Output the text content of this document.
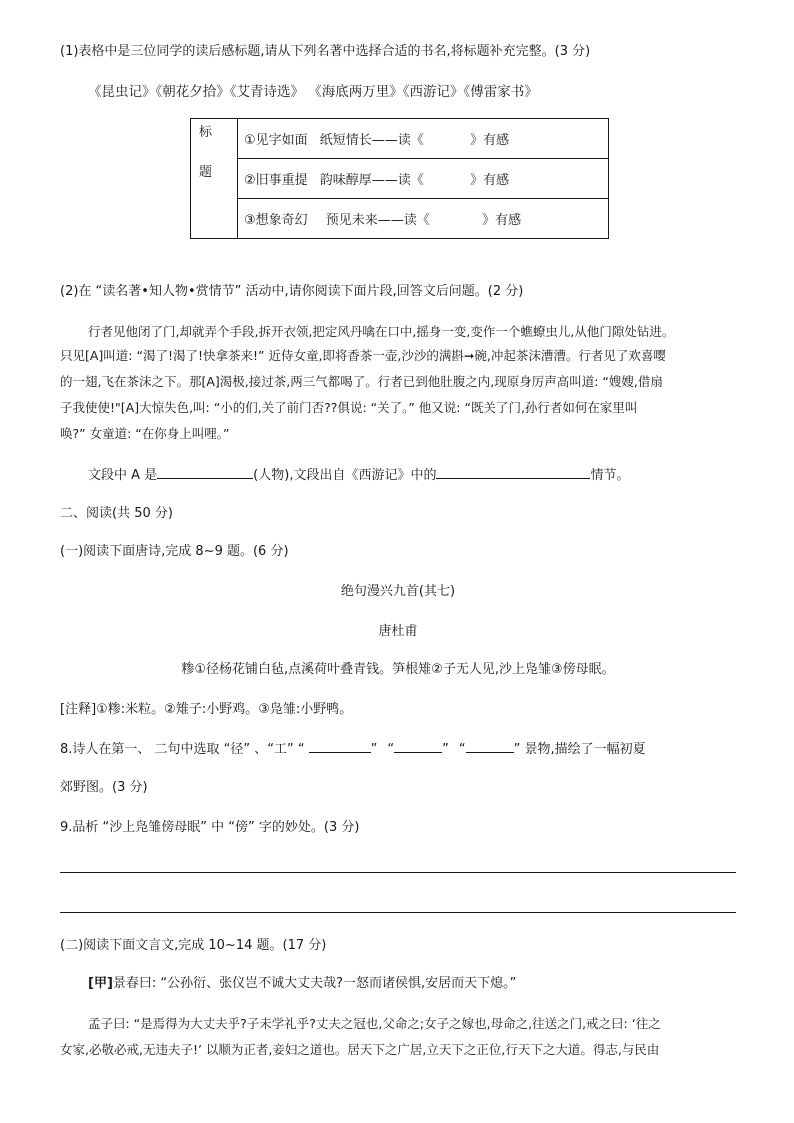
(1)表格中是三位同学的读后感标题,请从下列名著中选择合适的书名,将标题补充完整。(3 分)
《昆虫记》《朝花夕拾》《艾青诗选》 《海底两万里》《西游记》《傅雷家书》
标
题
	①见字如面 纸短情长——读《	》有感
②旧事重提 韵味醇厚——读《	》有感
③想象奇幻 预见未来——读《	》有感
(2)在 “读名著•知人物•赏情节” 活动中,请你阅读下面片段,回答文后问题。(2 分)
行者见他闭了门,却就弄个手段,拆开衣领,把定风丹噙在口中,摇身一变,变作一个蟭蟟虫儿,从他门隙处钻进。
只见[A]叫道: “渴了!渴了!快拿茶来!” 近侍女童,即将香茶一壶,沙沙的满斟➞碗,冲起茶沫漕漕。行者见了欢喜嘤
的一翅,飞在茶沫之下。那[A]渴极,接过茶,两三气都喝了。行者已到他肚腹之内,现原身厉声高叫道: “嫂嫂,借扇
子我使使!"[A]大惊失色,叫: “小的们,关了前门否??俱说: “关了。” 他又说: “既关了门,孙行者如何在家里叫
唤?” 女童道: “在你身上叫哩。”
文段中 A 是	(人物),文段出自《西游记》中的	情节。
二、阅读(共 50 分)
(一)阅读下面唐诗,完成 8~9 题。(6 分)
绝句漫兴九首(其七)
唐杜甫
糁①径杨花铺白毡,点溪荷叶叠青钱。笋根雉②子无人见,沙上凫雏③傍母眠。
[注释]①糁:米粒。②雉子:小野鸡。③凫雏:小野鸭。
8.诗人在第一、 二句中选取 “径” 、“工” “	” “	” “	” 景物,描绘了一幅初夏
郊野图。(3 分)
9.品析 “沙上凫雏傍母眠” 中 “傍” 字的妙处。(3 分)
(二)阅读下面文言文,完成 10~14 题。(17 分)
[甲]景春曰: “公孙衍、张仪岂不诚大丈夫哉?一怒而诸侯惧,安居而天下熄。”
孟子曰: “是焉得为大丈夫乎?子未学礼乎?丈夫之冠也,父命之;女子之嫁也,母命之,往送之门,戒之曰: ‘往之
女家,必敬必戒,无违夫子!’ 以顺为正者,妾妇之道也。居天下之广居,立天下之正位,行天下之大道。得志,与民由
